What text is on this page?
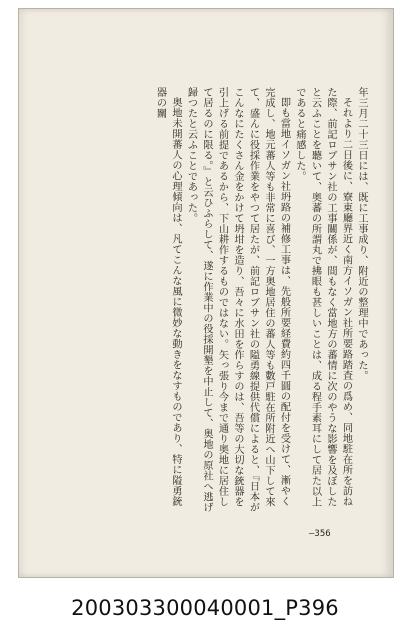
年三月二十三日には、既に工事成り、附近の整理中であった。

それより二日後に、寮東廳界近く南方イソガン社所要路踏査の爲め、同地駐在所を訪ねた際、前記ロブサン社の工事關係が、間もなく當地方の蕃情に次のやうな影響を及ぼしたと云ふことを聽いて、奥蕃の所謂丸で拂眼も甚しいことは、成る程手素耳にして居た以上であると痛感した。

即も當地イソガン社坍路の補修工事は、先般所要経費約四千圓の配付を受けて、漸やく完成し、地元蕃人等も非常に喜び、一方奥地居住の蕃人等も數戸駐在所附近へ山下して來て、盛んに役採作業をやつて居たが、前記ロブサン社の隘勇線提供代償によると、『日本がこんなにたくさん金をかけて坍坩を造り、吾々に水田を作らすのは、吾等の大切な銃器を引上げる前提であるから、下山耕作するものではない。矢っ張り今まで通り奥地に居住して居るのに限る。』と云ひふらして、遂に作業中の役採開墾を中止して、奥地の原社へ逃げ歸つたと云ふことであった。

奥地未開蕃人の心理傾向は、凡てこんな風に微妙な動きをなすものであり、特に隘勇銃器の關

—356
200303300040001_P396
